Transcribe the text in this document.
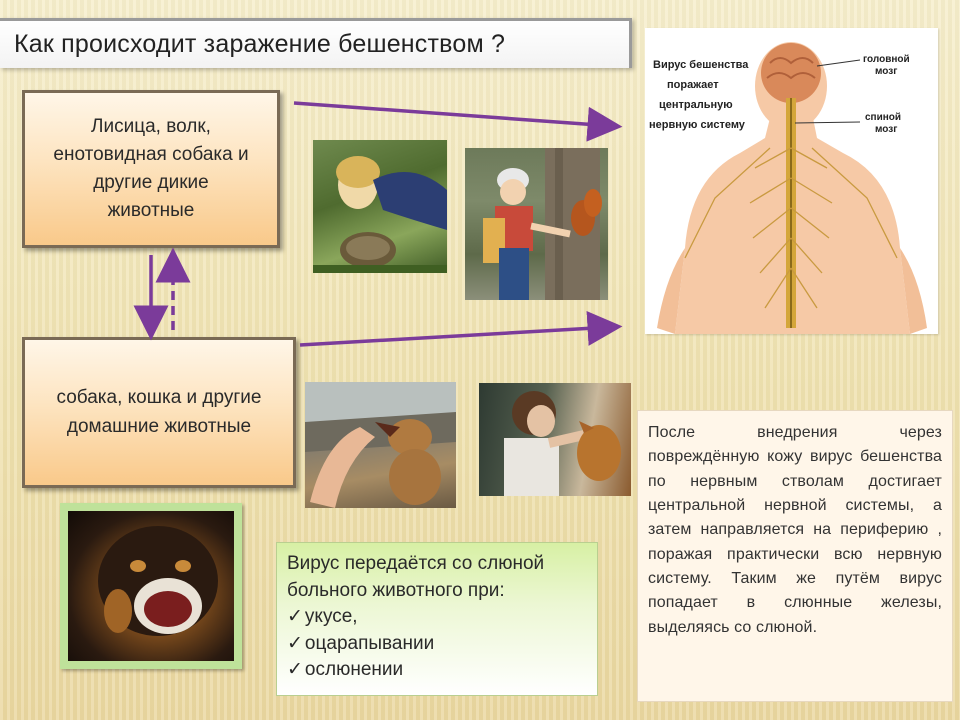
Как происходит заражение бешенством ?
Лисица, волк,
енотовидная собака и
другие дикие
животные
собака, кошка и другие
домашние животные
Вирус бешенства
поражает
центральную
нервную систему
головной
мозг
спиной
мозг
Вирус передаётся со слюной
больного животного при:
✓ укусе,
✓ оцарапывании
✓ ослюнении
После внедрения через повреждённую кожу вирус бешенства по нервным стволам достигает центральной нервной системы, а затем направляется на периферию , поражая практически всю нервную систему. Таким же путём вирус попадает в слюнные железы, выделяясь со слюной.
